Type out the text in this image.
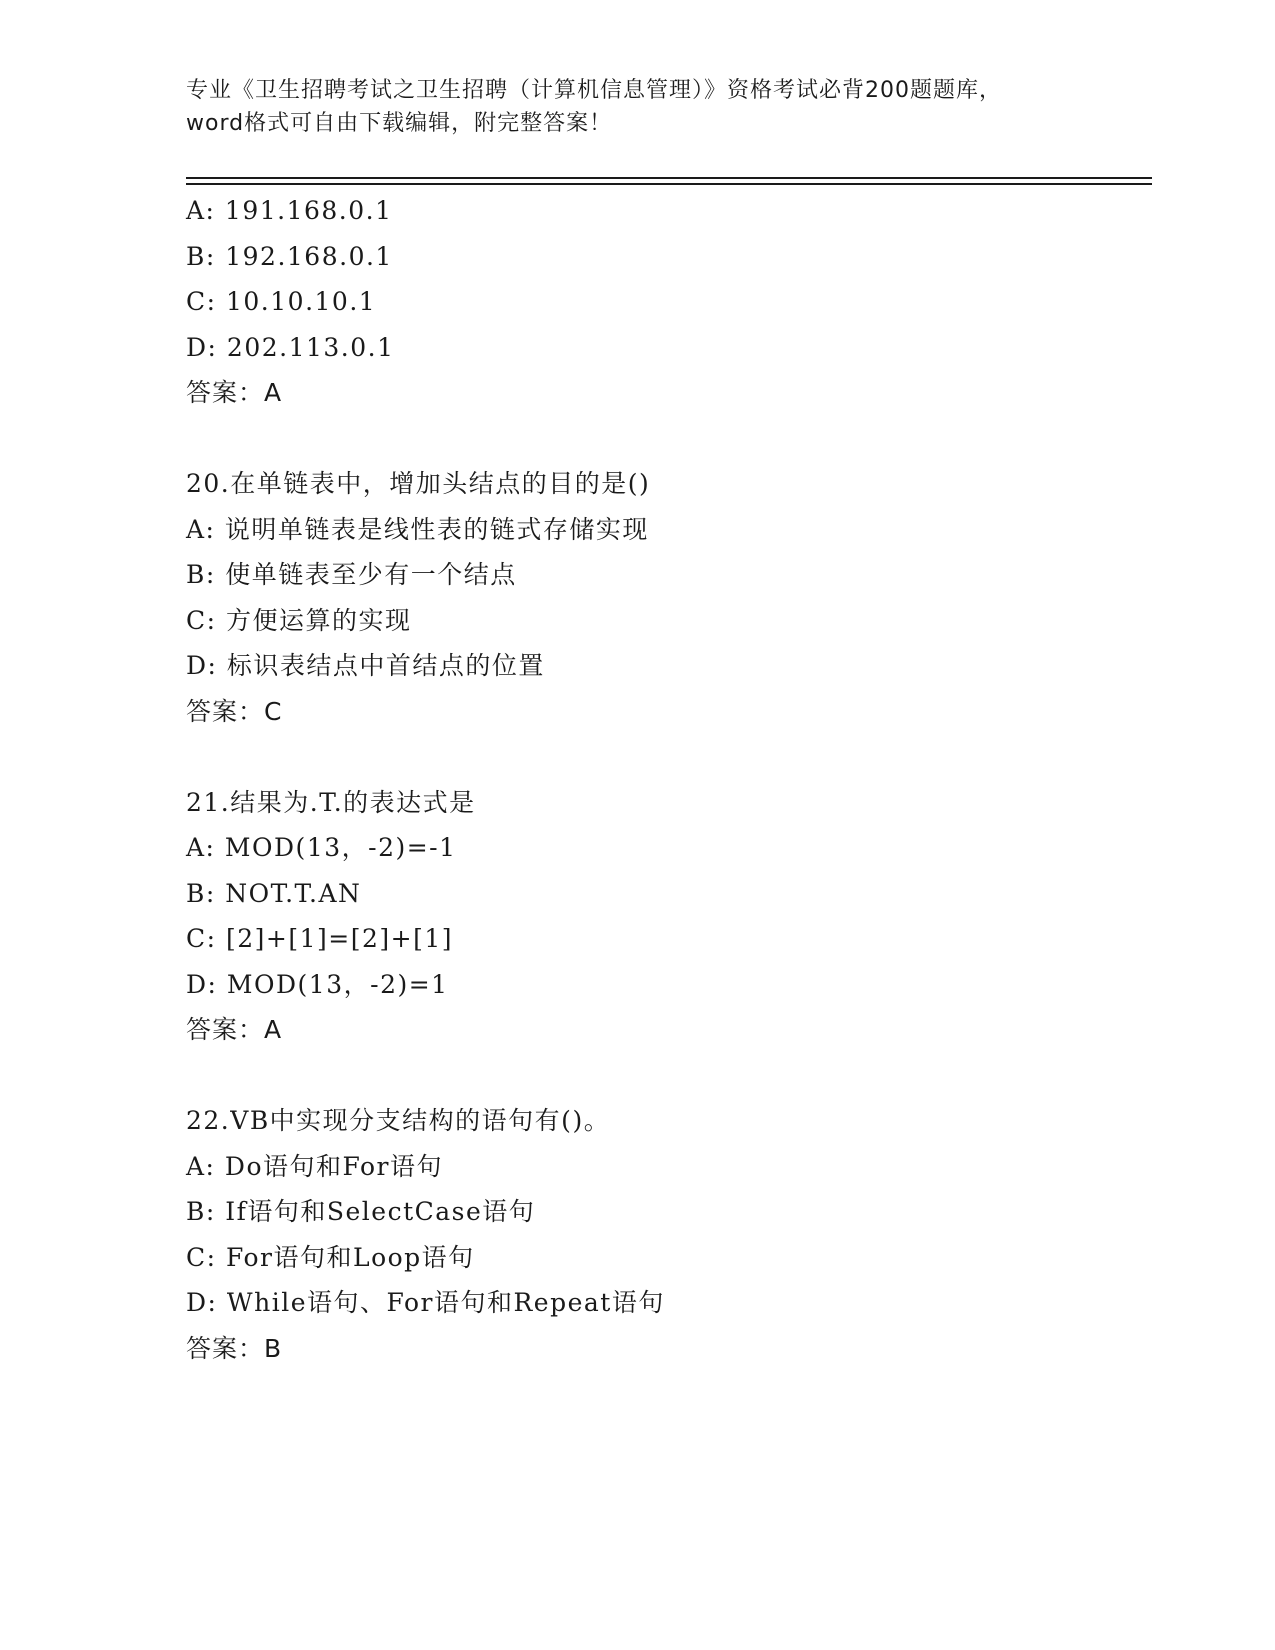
专业《卫生招聘考试之卫生招聘（计算机信息管理）》资格考试必背200题题库，
word格式可自由下载编辑，附完整答案！
A: 191.168.0.1
B: 192.168.0.1
C: 10.10.10.1
D: 202.113.0.1
答案：A
20.在单链表中，增加头结点的目的是()
A: 说明单链表是线性表的链式存储实现
B: 使单链表至少有一个结点
C: 方便运算的实现
D: 标识表结点中首结点的位置
答案：C
21.结果为.T.的表达式是
A: MOD(13，-2)=-1
B: NOT.T.AN
C: [2]+[1]=[2]+[1]
D: MOD(13，-2)=1
答案：A
22.VB中实现分支结构的语句有()。
A: Do语句和For语句
B: If语句和SelectCase语句
C: For语句和Loop语句
D: While语句、For语句和Repeat语句
答案：B
